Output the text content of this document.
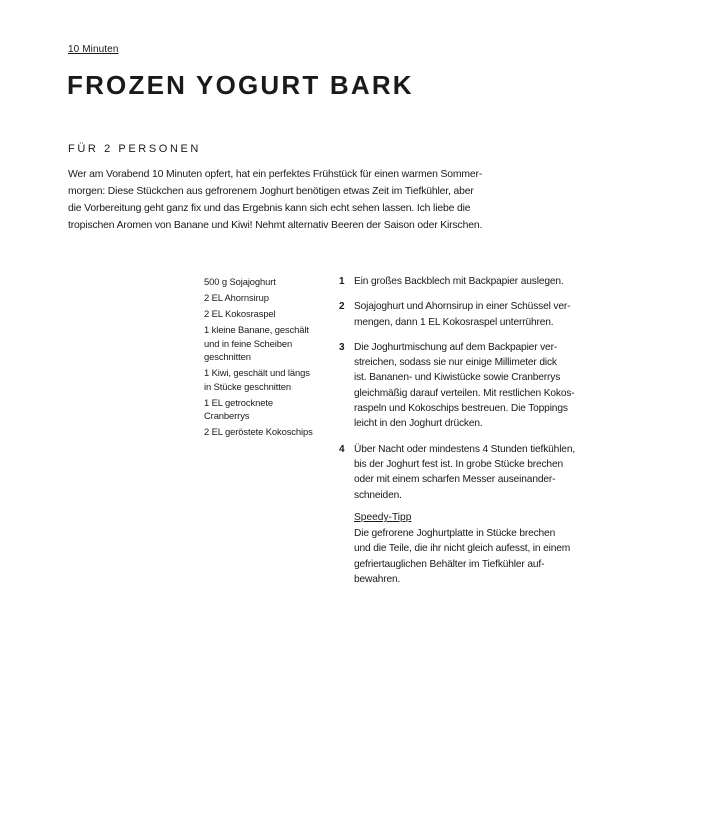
10 Minuten
FROZEN YOGURT BARK
FÜR 2 PERSONEN

Wer am Vorabend 10 Minuten opfert, hat ein perfektes Frühstück für einen warmen Sommer-
morgen: Diese Stückchen aus gefrorenem Joghurt benötigen etwas Zeit im Tiefkühler, aber
die Vorbereitung geht ganz fix und das Ergebnis kann sich echt sehen lassen. Ich liebe die
tropischen Aromen von Banane und Kiwi! Nehmt alternativ Beeren der Saison oder Kirschen.

500 g Sojajoghurt
2 EL Ahornsirup
2 EL Kokosraspel
1 kleine Banane, geschält
und in feine Scheiben
geschnitten
1 Kiwi, geschält und längs
in Stücke geschnitten
1 EL getrocknete
Cranberrys
2 EL geröstete Kokoschips
1 Ein großes Backblech mit Backpapier auslegen.
2 Sojajoghurt und Ahornsirup in einer Schüssel ver-
mengen, dann 1 EL Kokosraspel unterrühren.
3 Die Joghurtmischung auf dem Backpapier ver-
streichen, sodass sie nur einige Millimeter dick
ist. Bananen- und Kiwistücke sowie Cranberrys
gleichmäßig darauf verteilen. Mit restlichen Kokos-
raspeln und Kokoschips bestreuen. Die Toppings
leicht in den Joghurt drücken.
4 Über Nacht oder mindestens 4 Stunden tiefkühlen,
bis der Joghurt fest ist. In grobe Stücke brechen
oder mit einem scharfen Messer auseinander-
schneiden.
Speedy-Tipp
Die gefrorene Joghurtplatte in Stücke brechen
und die Teile, die ihr nicht gleich aufesst, in einem
gefriertauglichen Behälter im Tiefkühler auf-
bewahren.
